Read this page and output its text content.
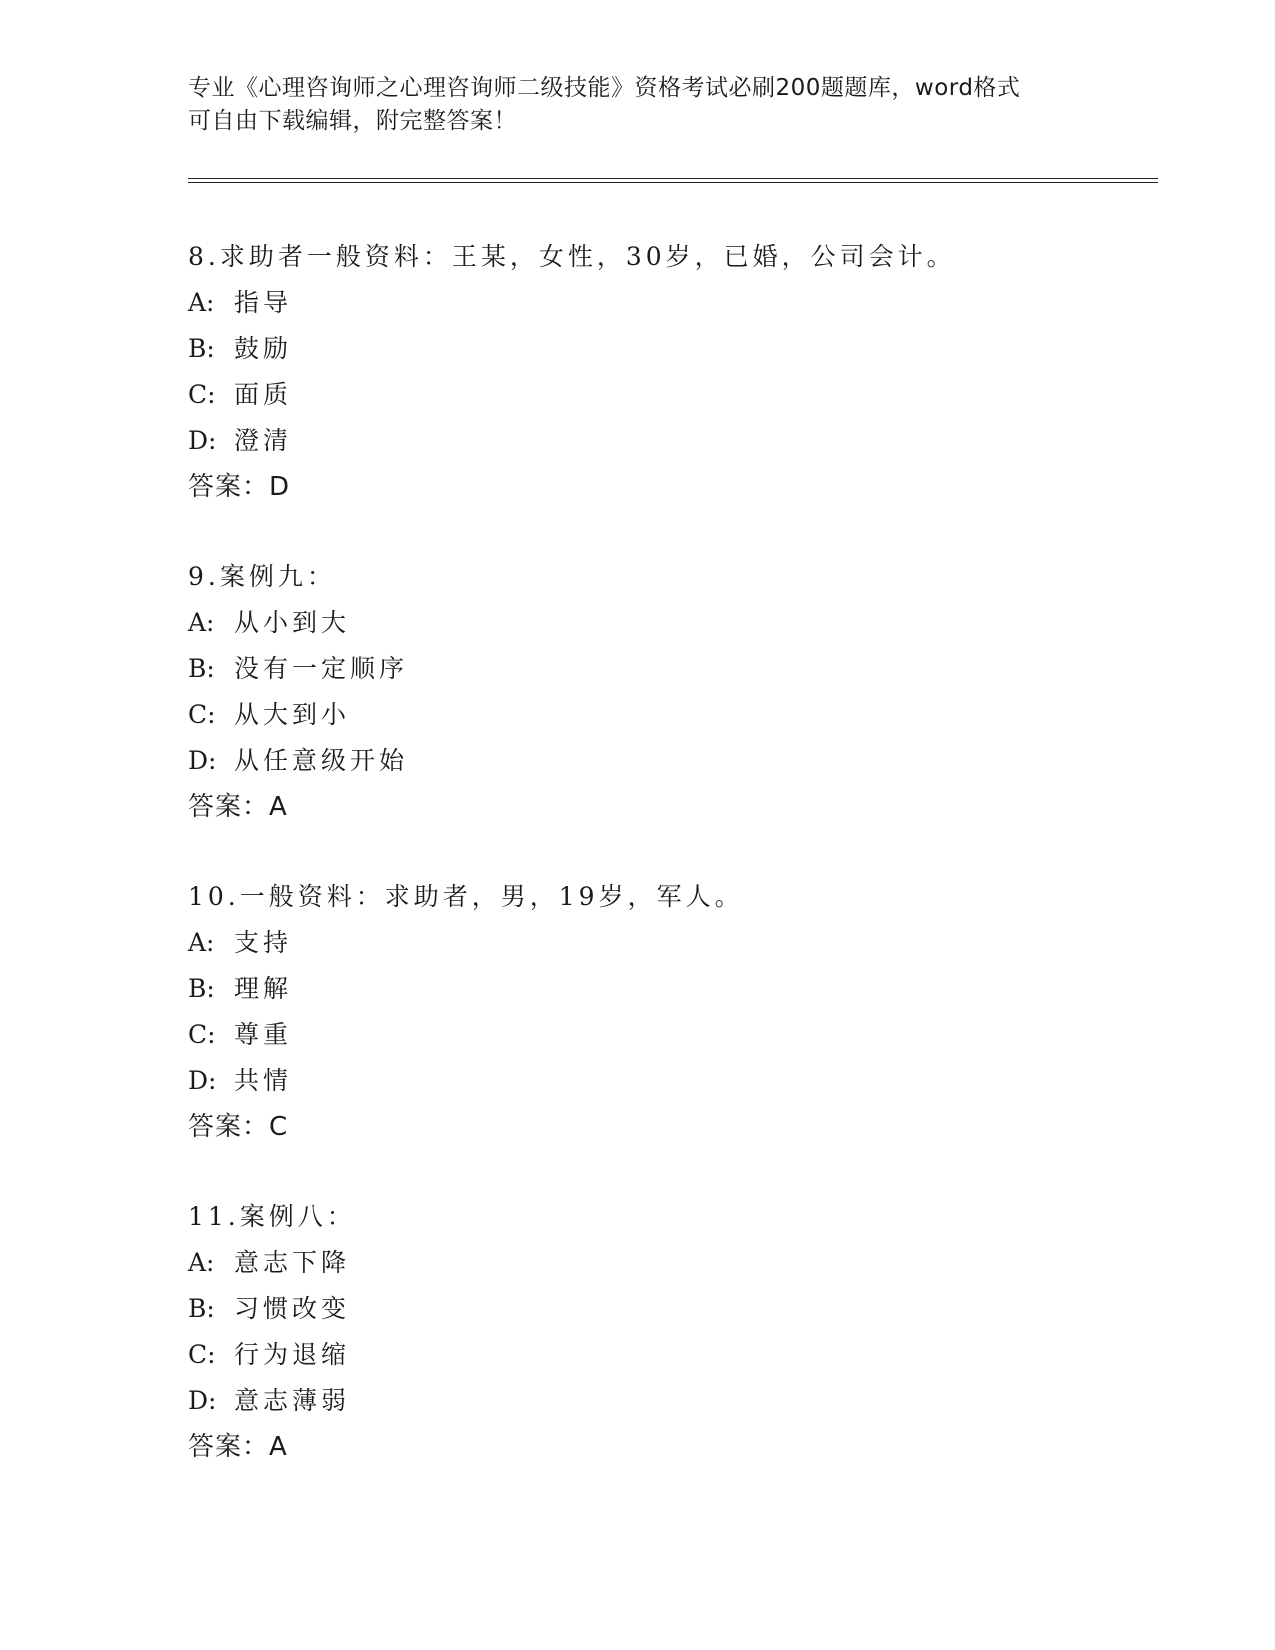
专业《心理咨询师之心理咨询师二级技能》资格考试必刷200题题库，word格式
可自由下载编辑，附完整答案！
8.求助者一般资料：王某，女性，30岁，已婚，公司会计。
A: 指导
B: 鼓励
C: 面质
D: 澄清
答案：D
9.案例九：
A: 从小到大
B: 没有一定顺序
C: 从大到小
D: 从任意级开始
答案：A
10.一般资料：求助者，男，19岁，军人。
A: 支持
B: 理解
C: 尊重
D: 共情
答案：C
11.案例八：
A: 意志下降
B: 习惯改变
C: 行为退缩
D: 意志薄弱
答案：A
